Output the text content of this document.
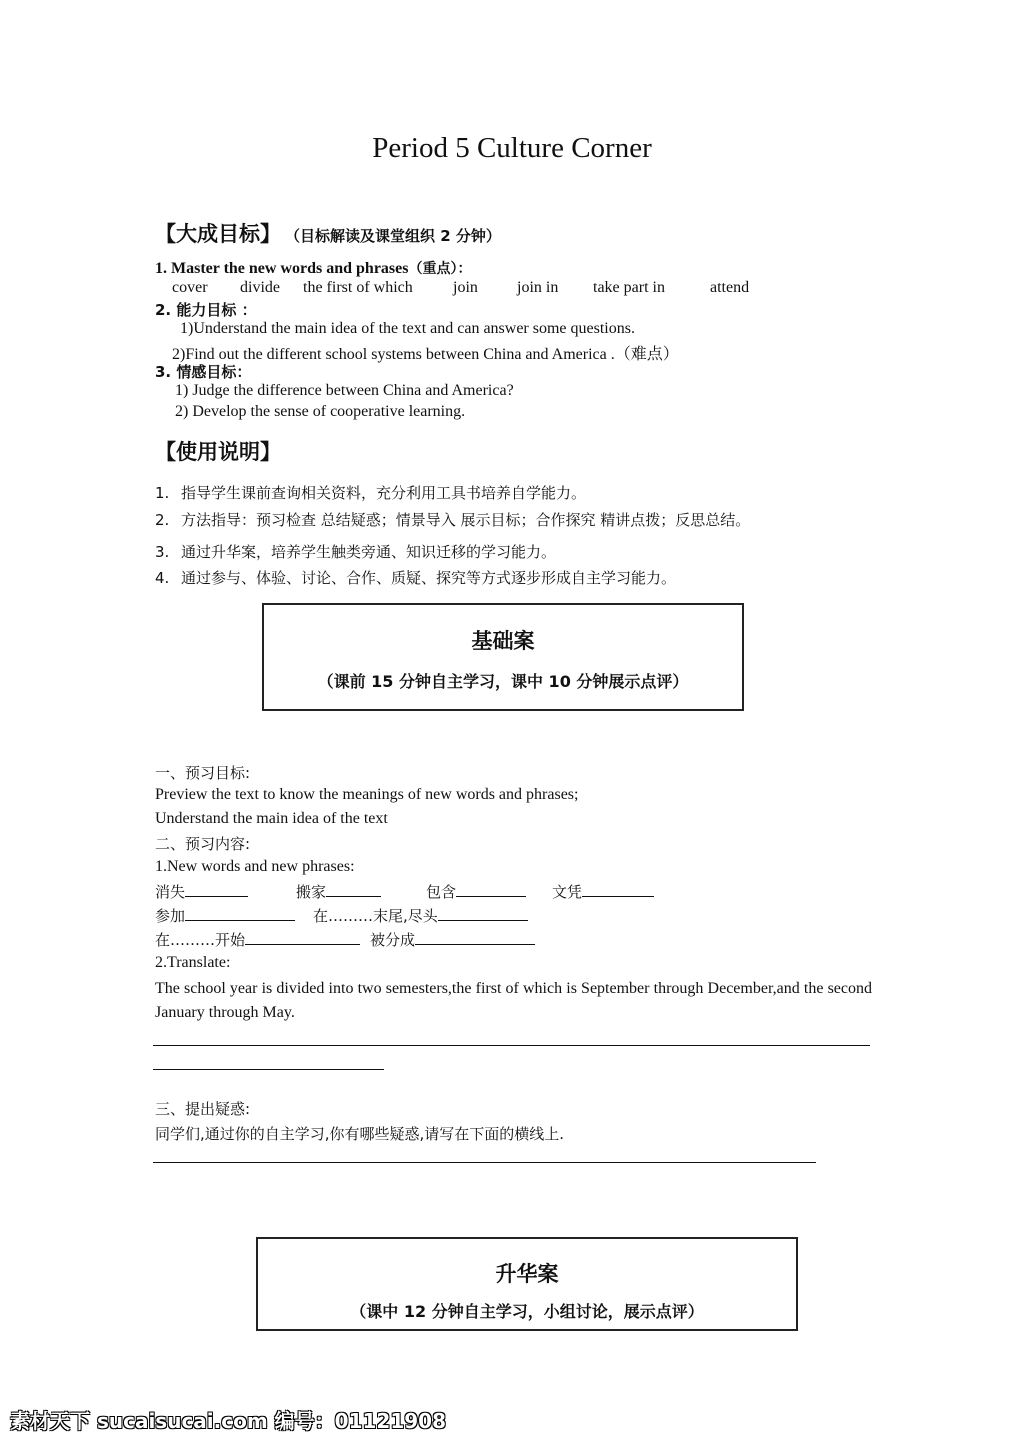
Period 5 Culture Corner
【大成目标】 （目标解读及课堂组织 2 分钟）
1. Master the new words and phrases（重点）：
cover divide the first of which	join join in take part in	attend
2. 能力目标 ：
1)Understand the main idea of the text and can answer some questions.
2)Find out the different school systems between China and America .（难点）
3. 情感目标：
1) Judge the difference between China and America?
2) Develop the sense of cooperative learning.
【使用说明】
1. 指导学生课前查询相关资料，充分利用工具书培养自学能力。
2. 方法指导：预习检查 总结疑惑；情景导入 展示目标；合作探究 精讲点拨；反思总结。
3. 通过升华案，培养学生触类旁通、知识迁移的学习能力。
4. 通过参与、体验、讨论、合作、质疑、探究等方式逐步形成自主学习能力。
基础案
（课前 15 分钟自主学习，课中 10 分钟展示点评）
一、预习目标:
Preview the text to know the meanings of new words and phrases;
Understand the main idea of the text
二、预习内容:
1.New words and new phrases:
消失	搬家	包含	文凭
参加	在………末尾,尽头
在………开始	被分成
2.Translate:
The school year is divided into two semesters,the first of which is September through December,and the second January through May.
三、提出疑惑:
同学们,通过你的自主学习,你有哪些疑惑,请写在下面的横线上.
升华案
（课中 12 分钟自主学习，小组讨论，展示点评）
素材天下 sucaisucai.com 编号：01121908
